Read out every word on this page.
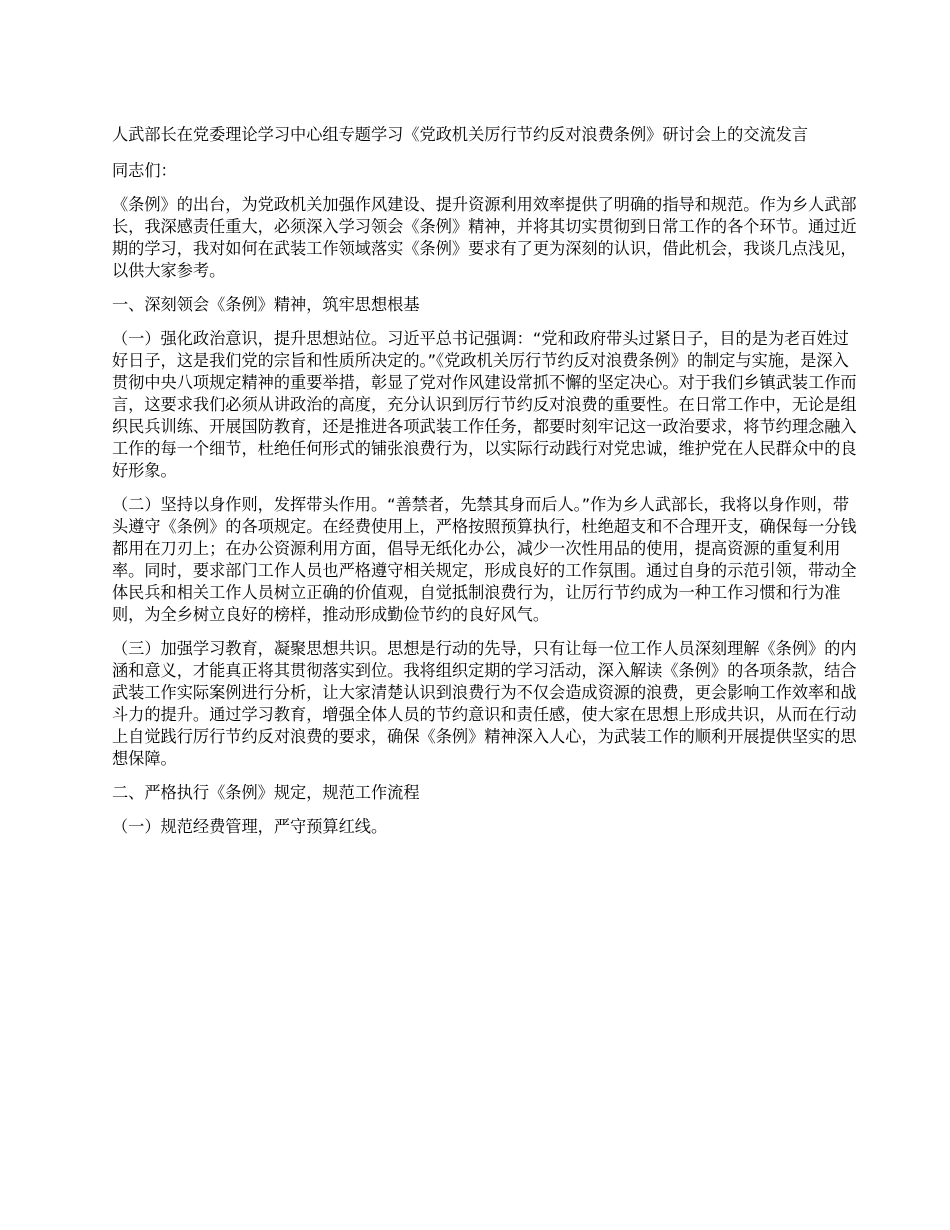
人武部长在党委理论学习中心组专题学习《党政机关厉行节约反对浪费条例》研讨会上的交流发言

同志们：

《条例》的出台，为党政机关加强作风建设、提升资源利用效率提供了明确的指导和规范。作为乡人武部长，我深感责任重大，必须深入学习领会《条例》精神，并将其切实贯彻到日常工作的各个环节。通过近期的学习，我对如何在武装工作领域落实《条例》要求有了更为深刻的认识，借此机会，我谈几点浅见，以供大家参考。

一、深刻领会《条例》精神，筑牢思想根基

（一）强化政治意识，提升思想站位。习近平总书记强调：“党和政府带头过紧日子，目的是为老百姓过好日子，这是我们党的宗旨和性质所决定的。”《党政机关厉行节约反对浪费条例》的制定与实施，是深入贯彻中央八项规定精神的重要举措，彰显了党对作风建设常抓不懈的坚定决心。对于我们乡镇武装工作而言，这要求我们必须从讲政治的高度，充分认识到厉行节约反对浪费的重要性。在日常工作中，无论是组织民兵训练、开展国防教育，还是推进各项武装工作任务，都要时刻牢记这一政治要求，将节约理念融入工作的每一个细节，杜绝任何形式的铺张浪费行为，以实际行动践行对党忠诚，维护党在人民群众中的良好形象。

（二）坚持以身作则，发挥带头作用。“善禁者，先禁其身而后人。”作为乡人武部长，我将以身作则，带头遵守《条例》的各项规定。在经费使用上，严格按照预算执行，杜绝超支和不合理开支，确保每一分钱都用在刀刃上；在办公资源利用方面，倡导无纸化办公，减少一次性用品的使用，提高资源的重复利用率。同时，要求部门工作人员也严格遵守相关规定，形成良好的工作氛围。通过自身的示范引领，带动全体民兵和相关工作人员树立正确的价值观，自觉抵制浪费行为，让厉行节约成为一种工作习惯和行为准则，为全乡树立良好的榜样，推动形成勤俭节约的良好风气。

（三）加强学习教育，凝聚思想共识。思想是行动的先导，只有让每一位工作人员深刻理解《条例》的内涵和意义，才能真正将其贯彻落实到位。我将组织定期的学习活动，深入解读《条例》的各项条款，结合武装工作实际案例进行分析，让大家清楚认识到浪费行为不仅会造成资源的浪费，更会影响工作效率和战斗力的提升。通过学习教育，增强全体人员的节约意识和责任感，使大家在思想上形成共识，从而在行动上自觉践行厉行节约反对浪费的要求，确保《条例》精神深入人心，为武装工作的顺利开展提供坚实的思想保障。

二、严格执行《条例》规定，规范工作流程

（一）规范经费管理，严守预算红线。
